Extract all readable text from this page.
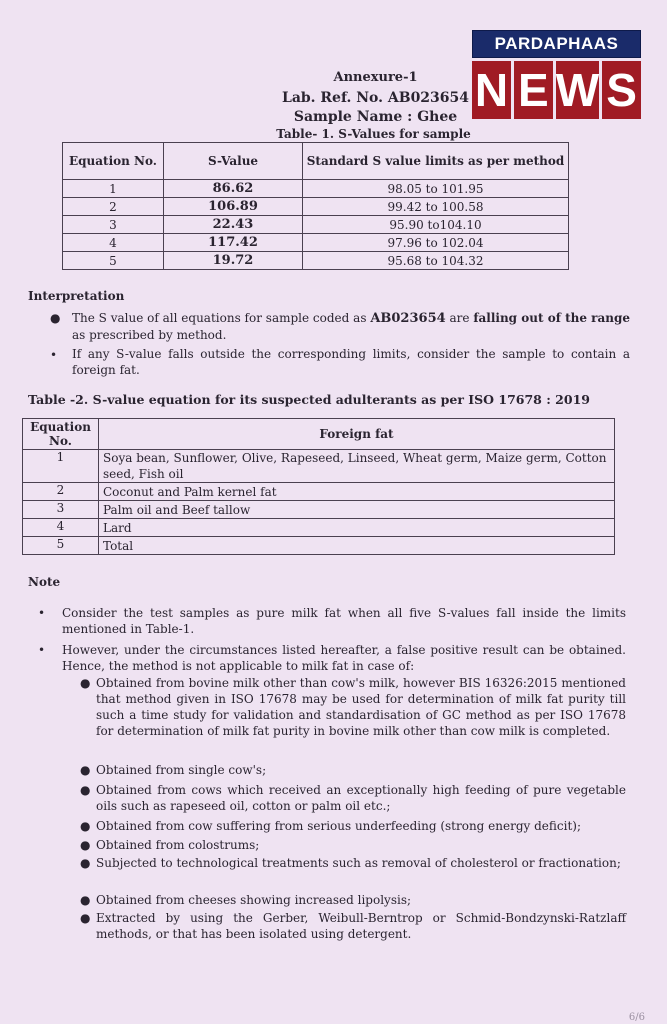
PARDAPHAAS
N E W S
Annexure-1
Lab. Ref. No. AB023654
Sample Name : Ghee
Table- 1. S-Values for sample
Equation No.	S-Value	Standard S value limits as per method
1	86.62	98.05 to 101.95
2	106.89	99.42 to 100.58
3	22.43	95.90 to104.10
4	117.42	97.96 to 102.04
5	19.72	95.68 to 104.32
Interpretation
● The S value of all equations for sample coded as AB023654 are falling out of the range as prescribed by method.
• If any S-value falls outside the corresponding limits, consider the sample to contain a foreign fat.
Table -2. S-value equation for its suspected adulterants as per ISO 17678 : 2019
Equation No.	Foreign fat
1	Soya bean, Sunflower, Olive, Rapeseed, Linseed, Wheat germ, Maize germ, Cotton seed, Fish oil
2	Coconut and Palm kernel fat
3	Palm oil and Beef tallow
4	Lard
5	Total
Note
• Consider the test samples as pure milk fat when all five S-values fall inside the limits mentioned in Table-1.
• However, under the circumstances listed hereafter, a false positive result can be obtained. Hence, the method is not applicable to milk fat in case of:
● Obtained from bovine milk other than cow's milk, however BIS 16326:2015 mentioned that method given in ISO 17678 may be used for determination of milk fat purity till such a time study for validation and standardisation of GC method as per ISO 17678 for determination of milk fat purity in bovine milk other than cow milk is completed.
● Obtained from single cow's;
● Obtained from cows which received an exceptionally high feeding of pure vegetable oils such as rapeseed oil, cotton or palm oil etc.;
● Obtained from cow suffering from serious underfeeding (strong energy deficit);
● Obtained from colostrums;
● Subjected to technological treatments such as removal of cholesterol or fractionation;
● Obtained from cheeses showing increased lipolysis;
● Extracted by using the Gerber, Weibull-Berntrop or Schmid-Bondzynski-Ratzlaff methods, or that has been isolated using detergent.
6/6
